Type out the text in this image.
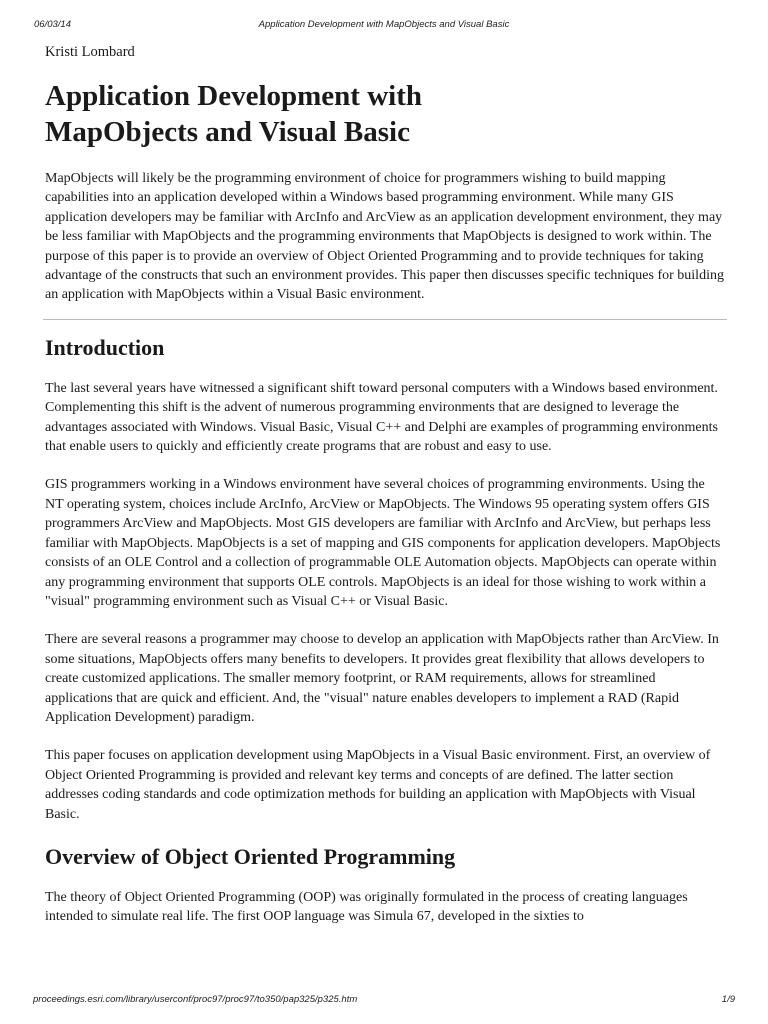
06/03/14	Application Development with MapObjects and Visual Basic
Kristi Lombard
Application Development with
MapObjects and Visual Basic

MapObjects will likely be the programming environment of choice for programmers wishing to build mapping capabilities into an application developed within a Windows based programming environment. While many GIS application developers may be familiar with ArcInfo and ArcView as an application development environment, they may be less familiar with MapObjects and the programming environments that MapObjects is designed to work within. The purpose of this paper is to provide an overview of Object Oriented Programming and to provide techniques for taking advantage of the constructs that such an environment provides. This paper then discusses specific techniques for building an application with MapObjects within a Visual Basic environment.

Introduction

The last several years have witnessed a significant shift toward personal computers with a Windows based environment. Complementing this shift is the advent of numerous programming environments that are designed to leverage the advantages associated with Windows. Visual Basic, Visual C++ and Delphi are examples of programming environments that enable users to quickly and efficiently create programs that are robust and easy to use.

GIS programmers working in a Windows environment have several choices of programming environments. Using the NT operating system, choices include ArcInfo, ArcView or MapObjects. The Windows 95 operating system offers GIS programmers ArcView and MapObjects. Most GIS developers are familiar with ArcInfo and ArcView, but perhaps less familiar with MapObjects. MapObjects is a set of mapping and GIS components for application developers. MapObjects consists of an OLE Control and a collection of programmable OLE Automation objects. MapObjects can operate within any programming environment that supports OLE controls. MapObjects is an ideal for those wishing to work within a "visual" programming environment such as Visual C++ or Visual Basic.

There are several reasons a programmer may choose to develop an application with MapObjects rather than ArcView. In some situations, MapObjects offers many benefits to developers. It provides great flexibility that allows developers to create customized applications. The smaller memory footprint, or RAM requirements, allows for streamlined applications that are quick and efficient. And, the "visual" nature enables developers to implement a RAD (Rapid Application Development) paradigm.

This paper focuses on application development using MapObjects in a Visual Basic environment. First, an overview of Object Oriented Programming is provided and relevant key terms and concepts of are defined. The latter section addresses coding standards and code optimization methods for building an application with MapObjects with Visual Basic.

Overview of Object Oriented Programming

The theory of Object Oriented Programming (OOP) was originally formulated in the process of creating languages intended to simulate real life. The first OOP language was Simula 67, developed in the sixties to

proceedings.esri.com/library/userconf/proc97/proc97/to350/pap325/p325.htm	1/9
